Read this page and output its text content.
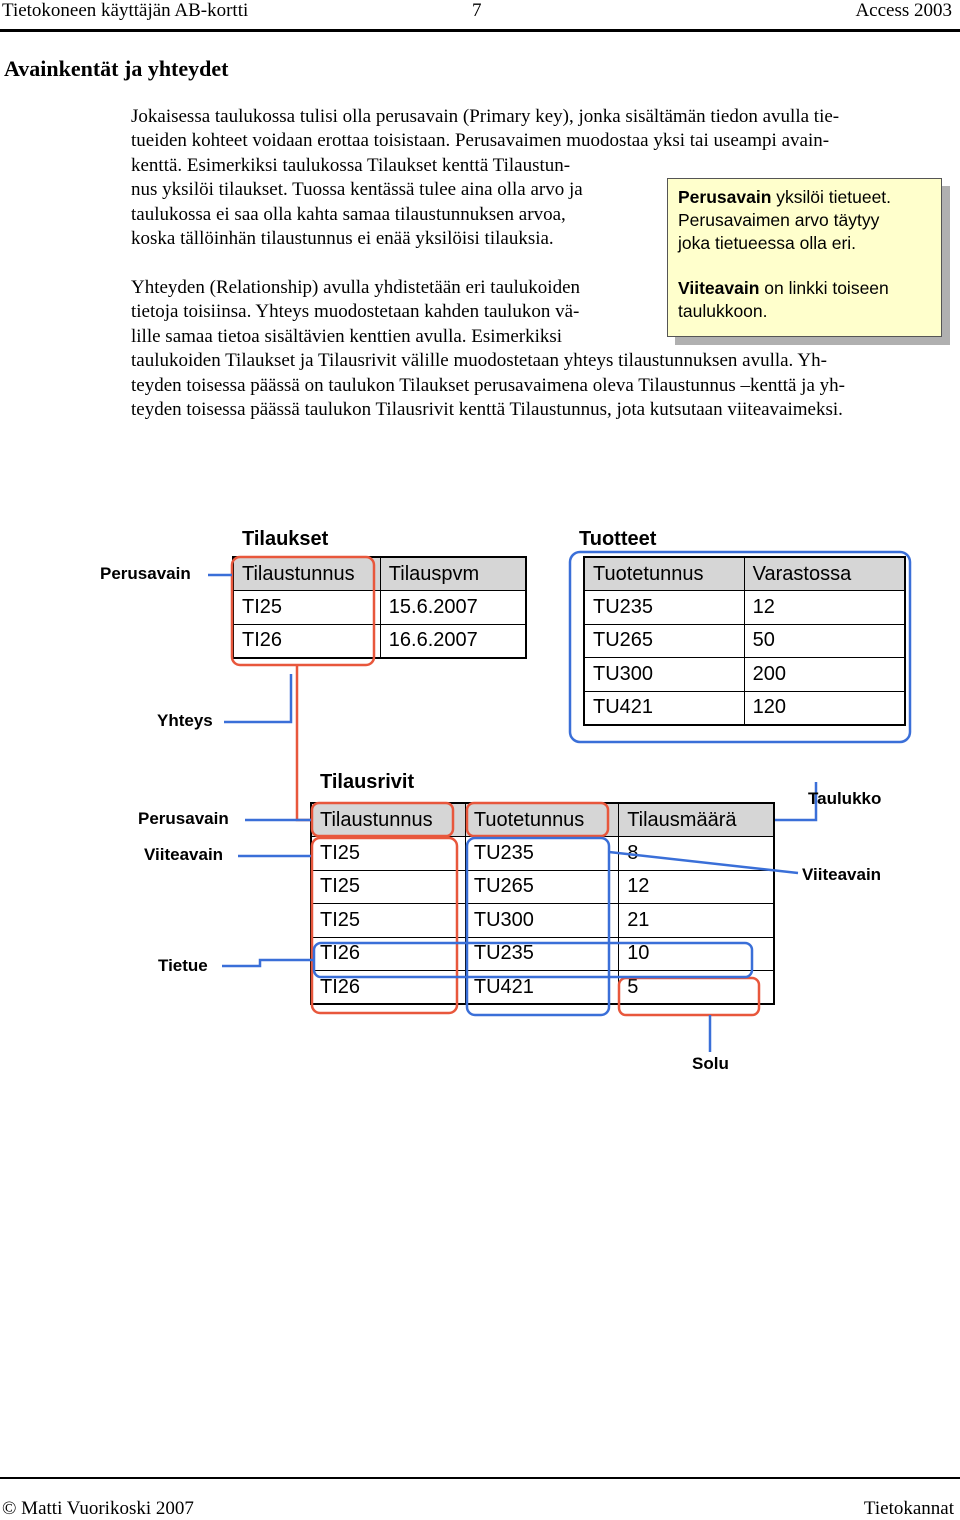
Tietokoneen käyttäjän AB-kortti	7	Access 2003
Avainkentät ja yhteydet
Jokaisessa taulukossa tulisi olla perusavain (Primary key), jonka sisältämän tiedon avulla tie-
tueiden kohteet voidaan erottaa toisistaan. Perusavaimen muodostaa yksi tai useampi avain-
kenttä. Esimerkiksi taulukossa Tilaukset kenttä Tilaustun-
nus yksilöi tilaukset. Tuossa kentässä tulee aina olla arvo ja
taulukossa ei saa olla kahta samaa tilaustunnuksen arvoa,
koska tällöinhän tilaustunnus ei enää yksilöisi tilauksia.
Yhteyden (Relationship) avulla yhdistetään eri taulukoiden
tietoja toisiinsa. Yhteys muodostetaan kahden taulukon vä-
lille samaa tietoa sisältävien kenttien avulla. Esimerkiksi
taulukoiden Tilaukset ja Tilausrivit välille muodostetaan yhteys tilaustunnuksen avulla. Yh-
teyden toisessa päässä on taulukon Tilaukset perusavaimena oleva Tilaustunnus –kenttä ja yh-
teyden toisessa päässä taulukon Tilausrivit kenttä Tilaustunnus, jota kutsutaan viiteavaimeksi.

Perusavain yksilöi tietueet.

Perusavaimen arvo täytyy

joka tietueessa olla eri.

Viiteavain on linkki toiseen

taulukkoon.

Tilaukset	Tuotteet
Tilausrivit
Tilaustunnus	Tilauspvm
TI25	15.6.2007
TI26	16.6.2007
Tuotetunnus	Varastossa
TU235	12
TU265	50
TU300	200
TU421	120
Tilaustunnus	Tuotetunnus	Tilausmäärä
TI25	TU235	8
TI25	TU265	12
TI25	TU300	21
TI26	TU235	10
TI26	TU421	5
Perusavain
Yhteys
Perusavain
Viiteavain
Tietue
Taulukko
Viiteavain
Solu
© Matti Vuorikoski 2007	Tietokannat
